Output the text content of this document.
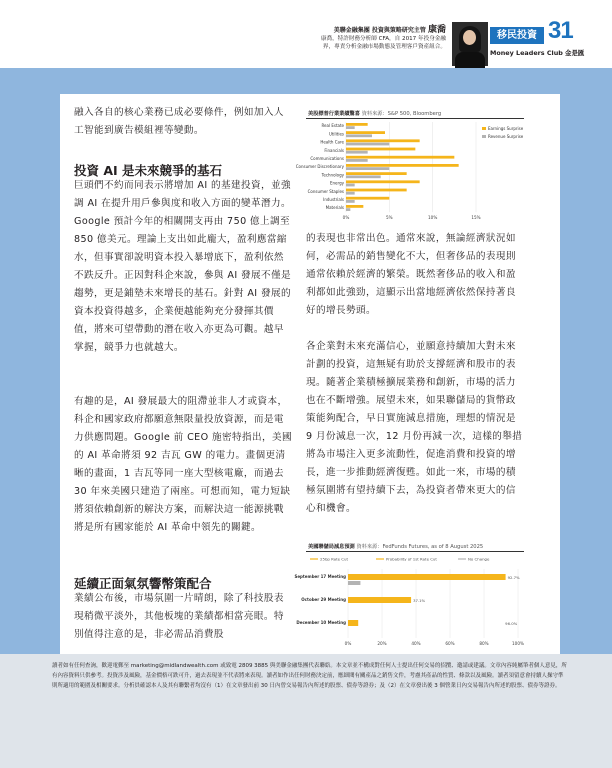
美聯金融集團 投資與策略研究主管 康喬
康喬，特許財務分析師 CFA，自 2017 年投身金融
界，專責分析金融市場動態及管理客戶資產組合。
移民投資 31
Money Leaders Club 金是匯
融入各自的核心業務已成必要條件，例如加入人工智能到廣告模組裡等變動。
投資 AI 是未來競爭的基石
巨頭們不約而同表示將增加 AI 的基建投資，並強調 AI 在提升用戶參與度和收入方面的變革潛力。Google 預計今年的相關開支再由 750 億上調至 850 億美元。理論上支出如此龐大，盈利應當縮水，但事實卻說明資本投入暴增底下，盈利依然不跌反升。正因對科企來說，參與 AI 發展不僅是趨勢，更是鋪墊未來增長的基石。針對 AI 發展的資本投資得越多，企業便越能夠充分發揮其價值，將來可望帶動的潛在收入亦更為可觀。越早掌握，競爭力也就越大。
有趣的是，AI 發展最大的阻滯並非人才或資本，科企和國家政府都願意無限量投放資源，而是電力供應問題。Google 前 CEO 施密特指出，美國的 AI 革命將須 92 吉瓦 GW 的電力。畫個更清晰的畫面，1 吉瓦等同一座大型核電廠，而過去 30 年來美國只建造了兩座。可想而知，電力短缺將須依賴創新的解決方案，而解決這一能源挑戰將是所有國家能於 AI 革命中領先的關鍵。
延續正面氣氛響幣策配合
業績公布後，市場氛圍一片晴朗，除了科技股表現稍微平淡外，其他板塊的業績都相當亮眼。特別值得注意的是，非必需品消費股
的表現也非常出色。通常來說，無論經濟狀況如何，必需品的銷售變化不大，但奢侈品的表現則通常依賴於經濟的繁榮。既然奢侈品的收入和盈利都如此強勁，這顯示出當地經濟依然保持著良好的增長勢頭。
各企業對未來充滿信心，並願意持續加大對未來計劃的投資，這無疑有助於支撐經濟和股市的表現。隨著企業積極擴展業務和創新，市場的活力也在不斷增強。展望未來，如果聯儲局的貨幣政策能夠配合，早日實施減息措施，理想的情況是 9 月份減息一次，12 月份再減一次，這樣的舉措將為市場注入更多流動性，促進消費和投資的增長，進一步推動經濟復甦。如此一來，市場的積極氛圍將有望持續下去，為投資者帶來更大的信心和機會。
美股標普行業業績驚喜 資料來源：S&P 500, Bloomberg
0%	5%	10%	15%
Real Estate
Utilities
Health Care
Financials
Communications
Consumer Discretionary
Technology
Energy
Consumer Staples
Industrials
Materials
Earnings Surprise
Revenue Surprise
美國聯儲局減息預測 資料來源：FedFunds Futures, as of 8 August 2025
25bp Rate Cut	Probability of 1st Rate Cut	No Change
0%	20%	40%	60%	80%	100%
September 17 Meeting	92.7%
October 29 Meeting	37.1%
December 10 Meeting	96.0%
讀者如有任何查詢，歡迎電郵至 marketing@midlandwealth.com 或致電 2809 3885 與美聯金融集團代表聯絡。本文章並不構成對任何人士提出任何交易的招攬、邀請或建議。文章內容純屬筆者個人意見，所有內容資料只供參考。投資涉及風險，基金價格可跌可升，過去表現並不代表將來表現。讀者如作出任何財務決定前，應細閱有關產品之銷售文件，考慮其產品的性質、條款以及風險。讀者須留意會持續人操守準則所適用的範圍及相關要求。分析員確認本人及其有聯繫者均沒有（1）在文章發出前 30 日內曾交易報告內所述的股票、債券等證券；及（2）在文章發出後 3 個營業日內交易報告內所述的股票、債券等證券。
